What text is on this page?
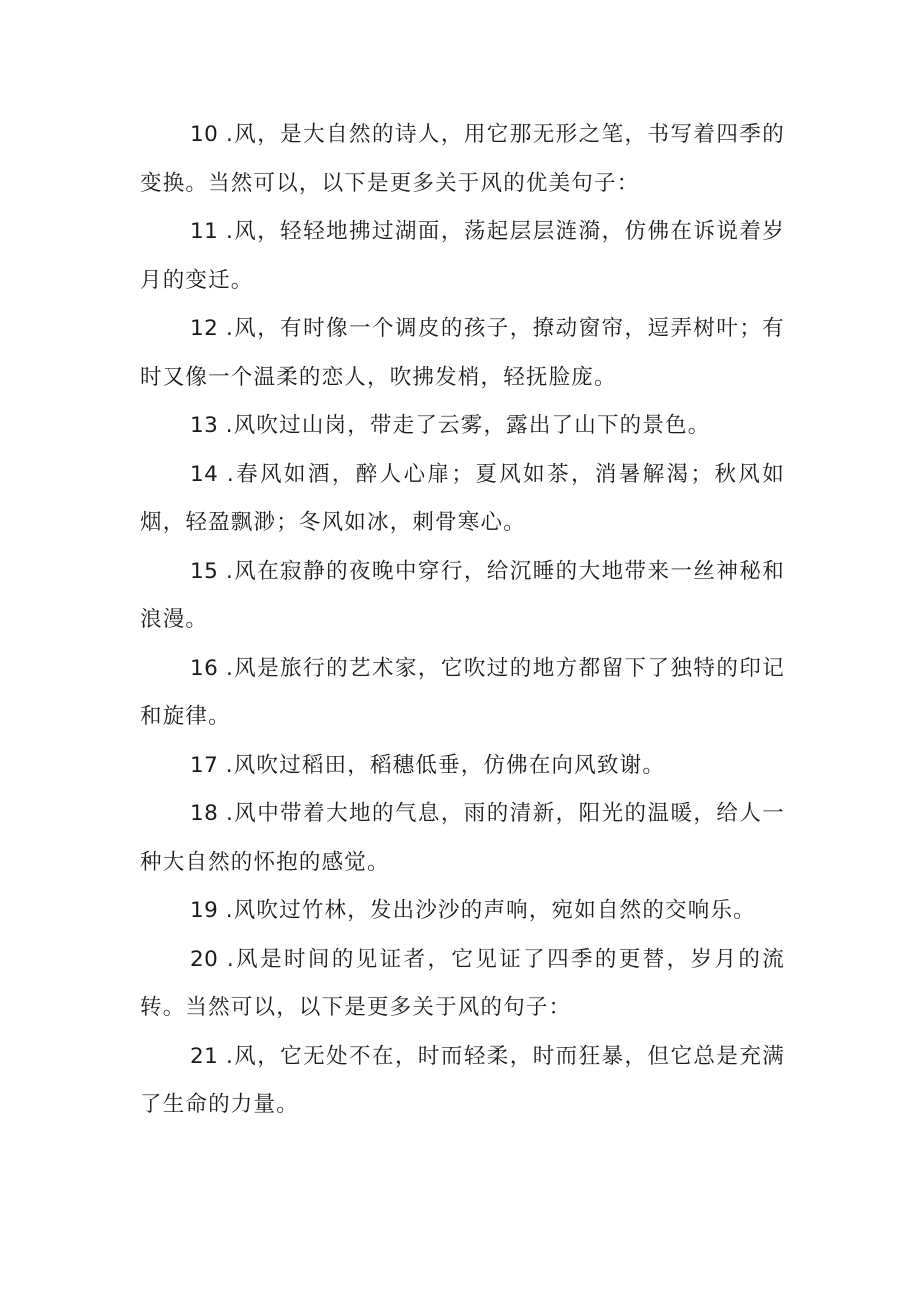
10 .风，是大自然的诗人，用它那无形之笔，书写着四季的变换。当然可以，以下是更多关于风的优美句子：

11 .风，轻轻地拂过湖面，荡起层层涟漪，仿佛在诉说着岁月的变迁。

12 .风，有时像一个调皮的孩子，撩动窗帘，逗弄树叶；有时又像一个温柔的恋人，吹拂发梢，轻抚脸庞。

13 .风吹过山岗，带走了云雾，露出了山下的景色。

14 .春风如酒，醉人心扉；夏风如茶，消暑解渴；秋风如烟，轻盈飘渺；冬风如冰，刺骨寒心。

15 .风在寂静的夜晚中穿行，给沉睡的大地带来一丝神秘和浪漫。

16 .风是旅行的艺术家，它吹过的地方都留下了独特的印记和旋律。

17 .风吹过稻田，稻穗低垂，仿佛在向风致谢。

18 .风中带着大地的气息，雨的清新，阳光的温暖，给人一种大自然的怀抱的感觉。

19 .风吹过竹林，发出沙沙的声响，宛如自然的交响乐。

20 .风是时间的见证者，它见证了四季的更替，岁月的流转。当然可以，以下是更多关于风的句子：

21 .风，它无处不在，时而轻柔，时而狂暴，但它总是充满了生命的力量。
